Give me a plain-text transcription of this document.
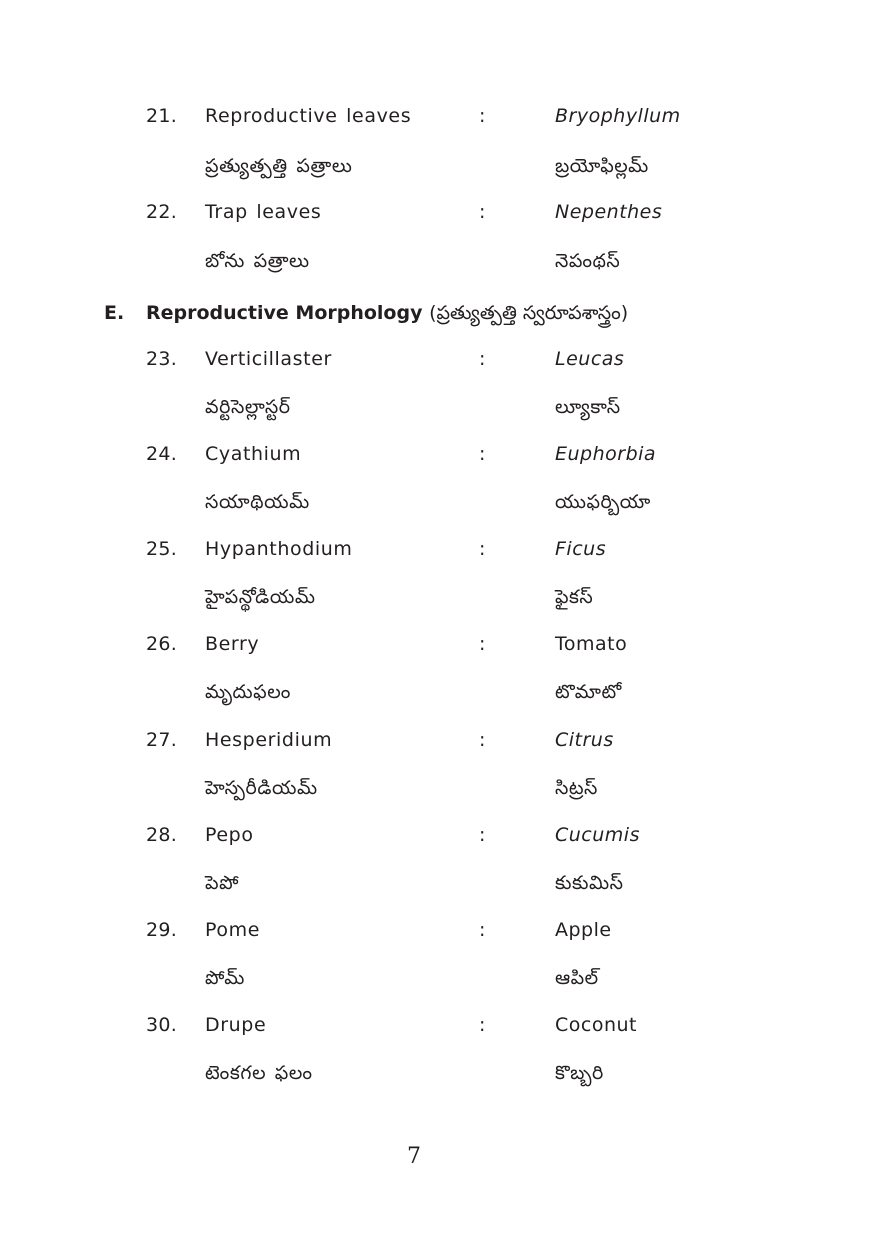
21. Reproductive leaves	:	Bryophyllum
ప్రత్యుత్పత్తి పత్రాలు	బ్రయోఫిల్లమ్
22. Trap leaves	:	Nepenthes
బోను పత్రాలు	నెపంథస్
E. Reproductive Morphology (ప్రత్యుత్పత్తి స్వరూపశాస్త్రం)
23. Verticillaster	:	Leucas
వర్టిసెల్లాస్టర్	ల్యూకాస్
24. Cyathium	:	Euphorbia
సయాథియమ్	యుఫర్బియా
25. Hypanthodium	:	Ficus
హైపన్థోడియమ్	ఫైకస్
26. Berry	:	Tomato
మృదుఫలం	టొమాటో
27. Hesperidium	:	Citrus
హెస్పరీడియమ్	సిట్రస్
28. Pepo	:	Cucumis
పెపో	కుకుమిస్
29. Pome	:	Apple
పోమ్	ఆపిల్
30. Drupe	:	Coconut
టెంకగల ఫలం	కొబ్బరి
7
